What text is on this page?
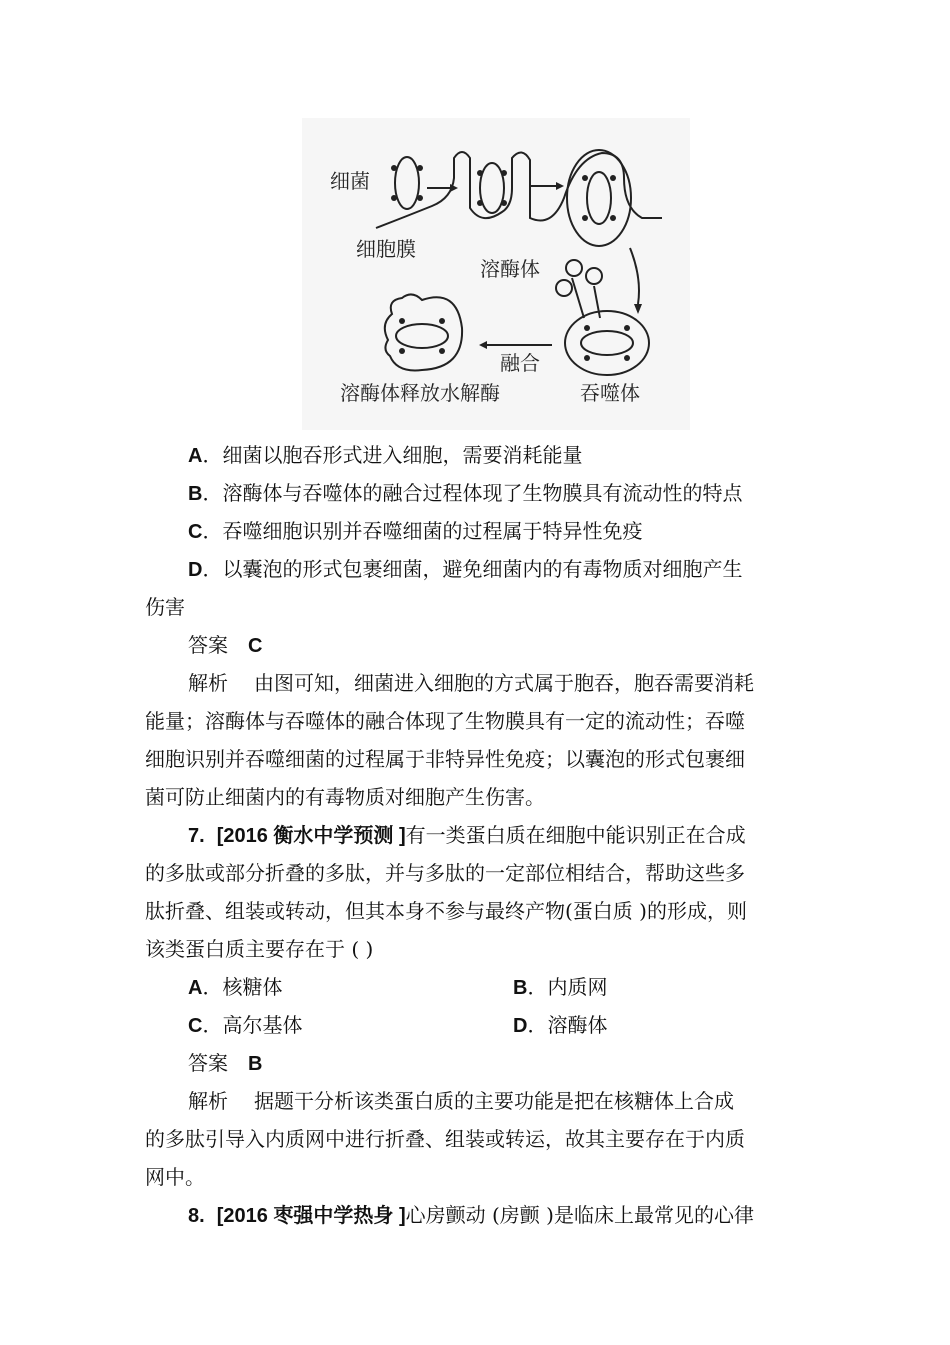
细菌
细胞膜
溶酶体
融合
吞噬体
溶酶体释放水解酶
A．细菌以胞吞形式进入细胞，需要消耗能量
B．溶酶体与吞噬体的融合过程体现了生物膜具有流动性的特点
C．吞噬细胞识别并吞噬细菌的过程属于特异性免疫
D．以囊泡的形式包裹细菌，避免细菌内的有毒物质对细胞产生
伤害
答案 C
解析 由图可知，细菌进入细胞的方式属于胞吞，胞吞需要消耗
能量；溶酶体与吞噬体的融合体现了生物膜具有一定的流动性；吞噬
细胞识别并吞噬细菌的过程属于非特异性免疫；以囊泡的形式包裹细
菌可防止细菌内的有毒物质对细胞产生伤害。
7. [2016 衡水中学预测 ]有一类蛋白质在细胞中能识别正在合成
的多肽或部分折叠的多肽，并与多肽的一定部位相结合，帮助这些多
肽折叠、组装或转动，但其本身不参与最终产物(蛋白质 )的形成，则
该类蛋白质主要存在于 ( )
A．核糖体	B．内质网
C．高尔基体	D．溶酶体
答案 B
解析 据题干分析该类蛋白质的主要功能是把在核糖体上合成
的多肽引导入内质网中进行折叠、组装或转运，故其主要存在于内质
网中。
8. [2016 枣强中学热身 ]心房颤动 (房颤 )是临床上最常见的心律
